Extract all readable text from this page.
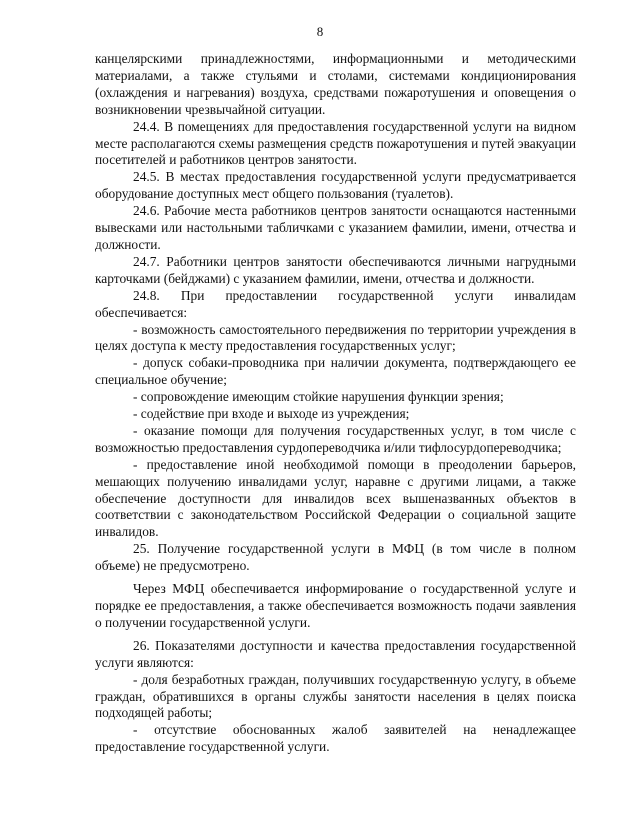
8

канцелярскими принадлежностями, информационными и методическими материалами, а также стульями и столами, системами кондиционирования (охлаждения и нагревания) воздуха, средствами пожаротушения и оповещения о возникновении чрезвычайной ситуации.

24.4. В помещениях для предоставления государственной услуги на видном месте располагаются схемы размещения средств пожаротушения и путей эвакуации посетителей и работников центров занятости.

24.5. В местах предоставления государственной услуги предусматривается оборудование доступных мест общего пользования (туалетов).

24.6. Рабочие места работников центров занятости оснащаются настенными вывесками или настольными табличками с указанием фамилии, имени, отчества и должности.

24.7. Работники центров занятости обеспечиваются личными нагрудными карточками (бейджами) с указанием фамилии, имени, отчества и должности.

24.8. При предоставлении государственной услуги инвалидам обеспечивается:

- возможность самостоятельного передвижения по территории учреждения в целях доступа к месту предоставления государственных услуг;

- допуск собаки-проводника при наличии документа, подтверждающего ее специальное обучение;

- сопровождение имеющим стойкие нарушения функции зрения;

- содействие при входе и выходе из учреждения;

- оказание помощи для получения государственных услуг, в том числе с возможностью предоставления сурдопереводчика и/или тифлосурдопереводчика;

- предоставление иной необходимой помощи в преодолении барьеров, мешающих получению инвалидами услуг, наравне с другими лицами, а также обеспечение доступности для инвалидов всех вышеназванных объектов в соответствии с законодательством Российской Федерации о социальной защите инвалидов.

25. Получение государственной услуги в МФЦ (в том числе в полном объеме) не предусмотрено.

Через МФЦ обеспечивается информирование о государственной услуге и порядке ее предоставления, а также обеспечивается возможность подачи заявления о получении государственной услуги.

26. Показателями доступности и качества предоставления государственной услуги являются:

- доля безработных граждан, получивших государственную услугу, в объеме граждан, обратившихся в органы службы занятости населения в целях поиска подходящей работы;

- отсутствие обоснованных жалоб заявителей на ненадлежащее предоставление государственной услуги.
